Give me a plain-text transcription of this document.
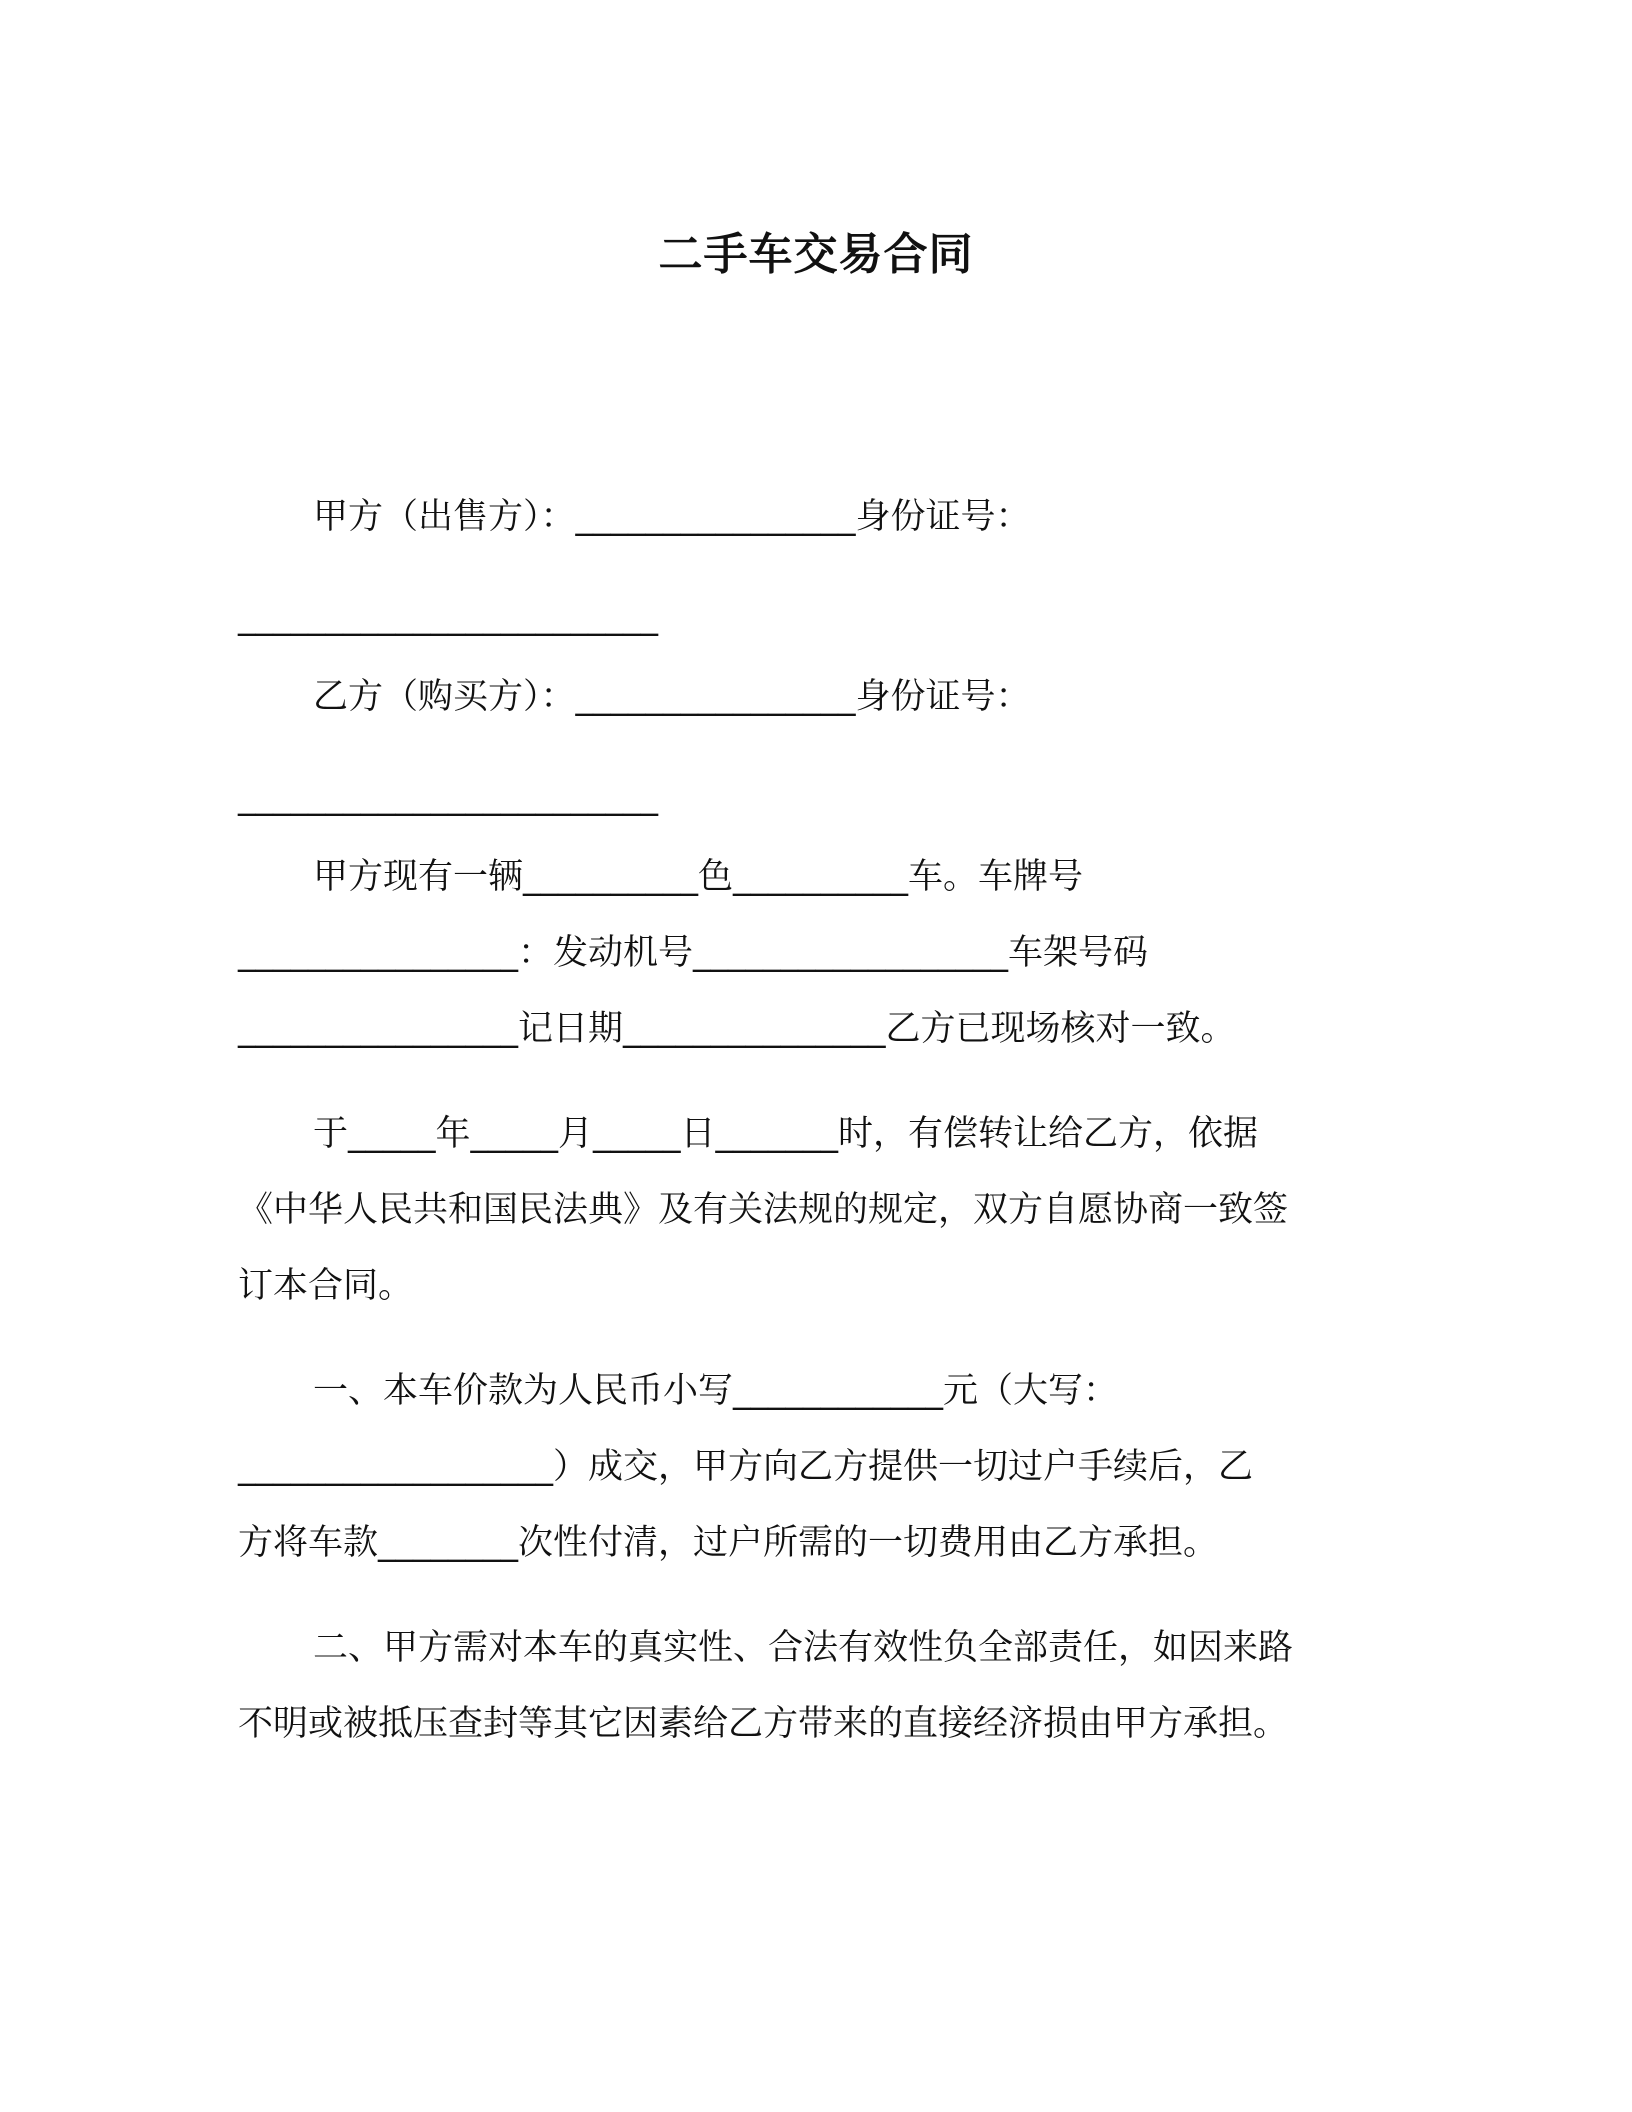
二手车交易合同

甲方（出售方）：________________身份证号：

________________________

乙方（购买方）：________________身份证号：

________________________

甲方现有一辆__________色__________车。车牌号

________________：发动机号__________________车架号码

________________记日期_______________乙方已现场核对一致。

于_____年_____月_____日_______时，有偿转让给乙方，依据

《中华人民共和国民法典》及有关法规的规定，双方自愿协商一致签

订本合同。

一、本车价款为人民币小写____________元（大写：

__________________）成交，甲方向乙方提供一切过户手续后，乙

方将车款________次性付清，过户所需的一切费用由乙方承担。

二、甲方需对本车的真实性、合法有效性负全部责任，如因来路

不明或被抵压查封等其它因素给乙方带来的直接经济损由甲方承担。
